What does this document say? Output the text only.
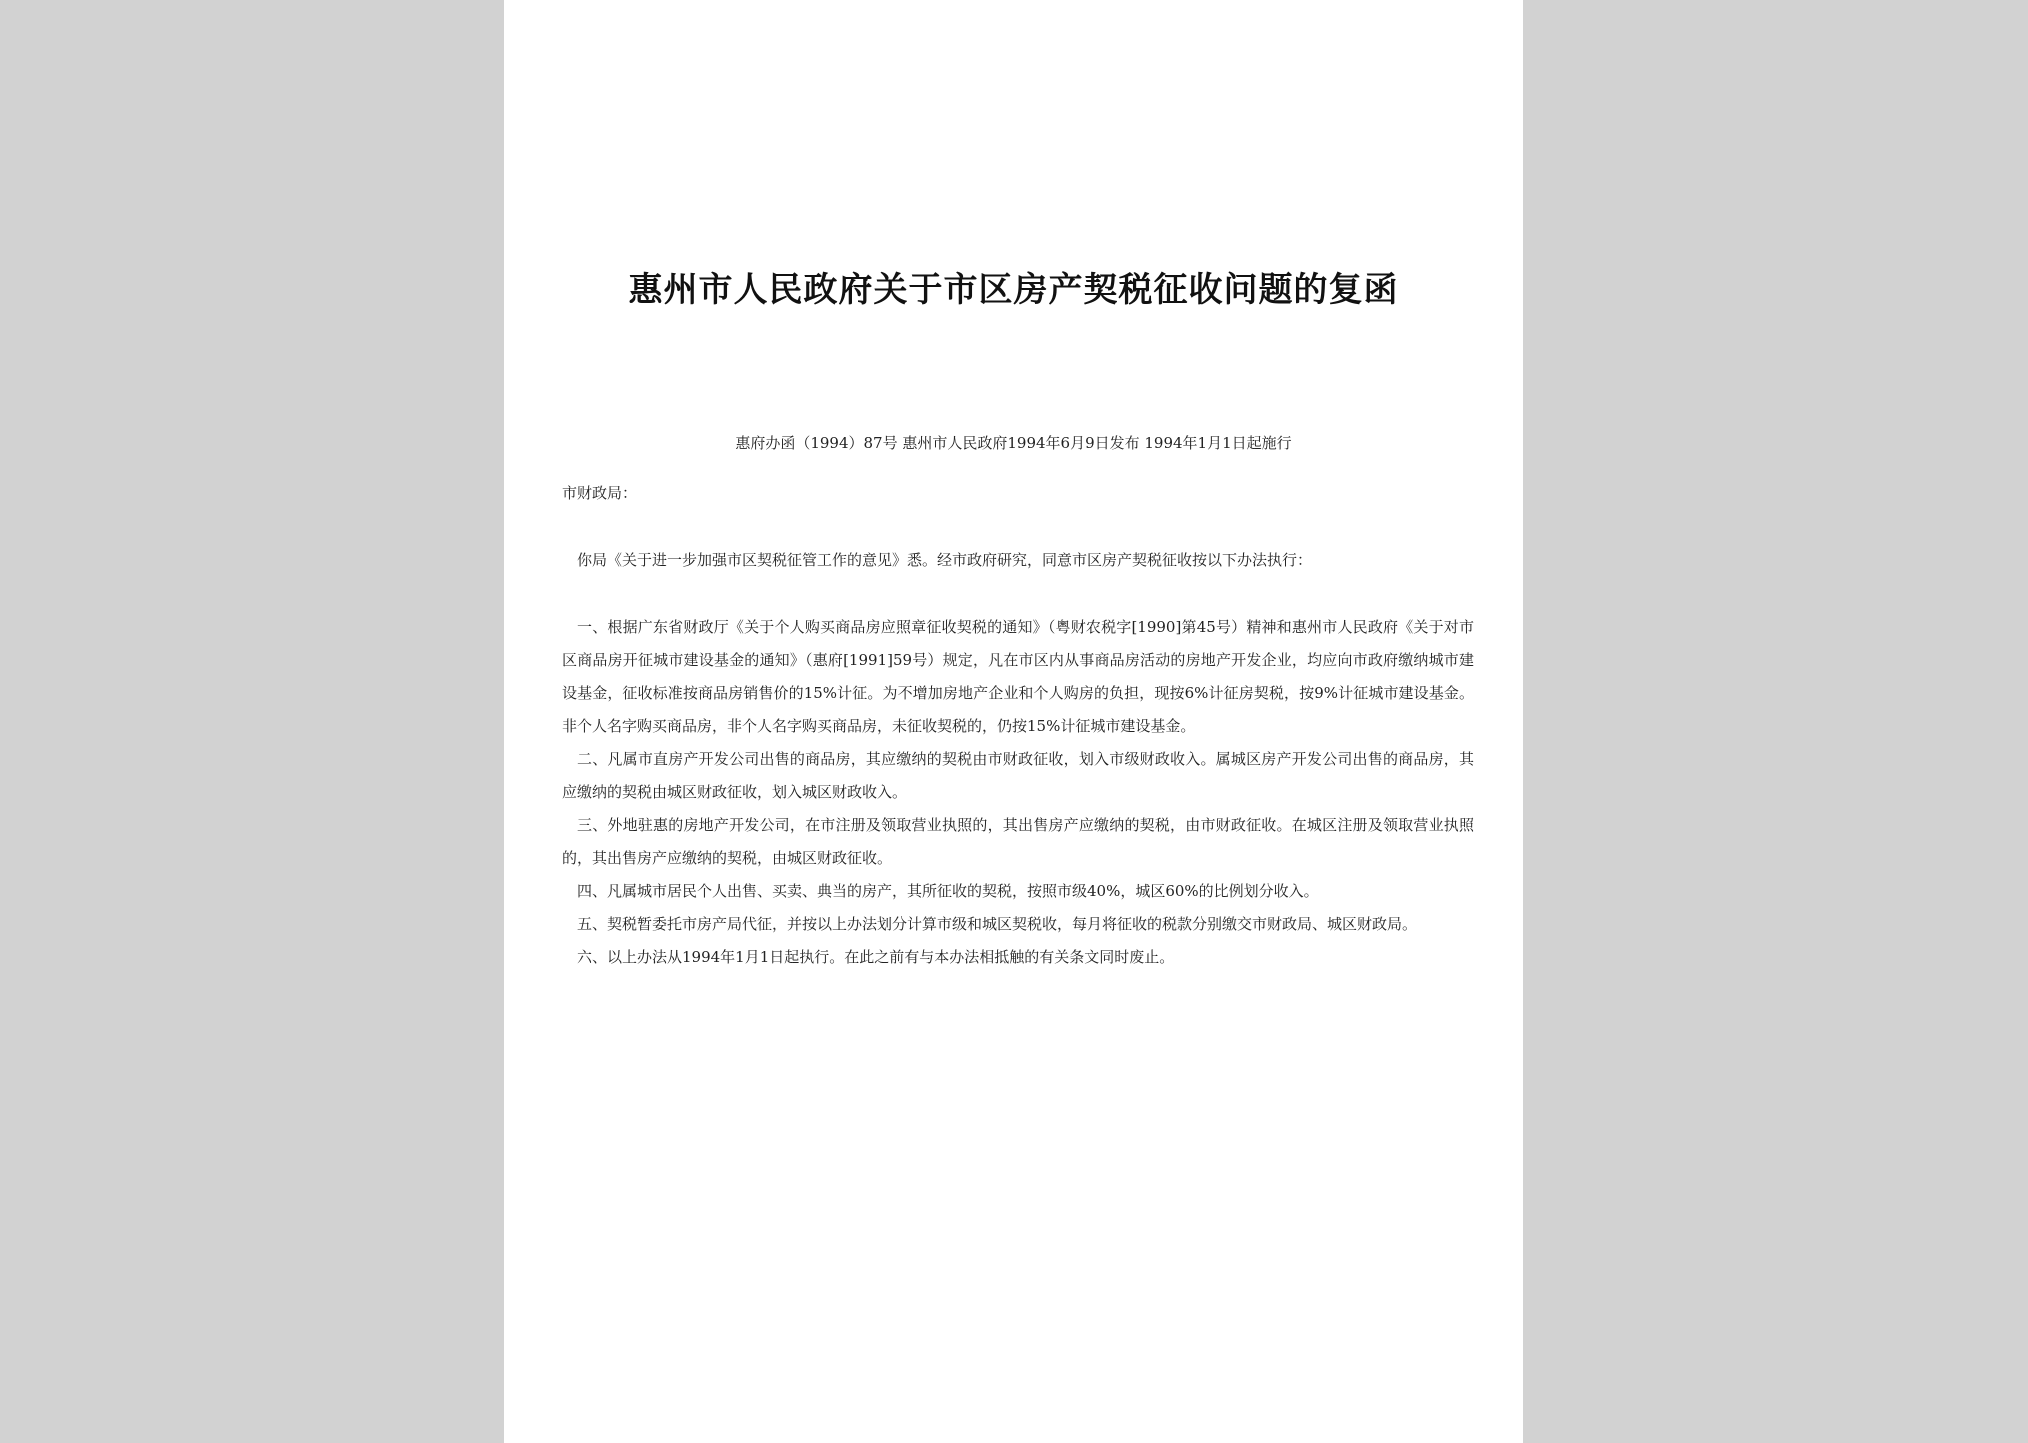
惠州市人民政府关于市区房产契税征收问题的复函

惠府办函（1994）87号 惠州市人民政府1994年6月9日发布 1994年1月1日起施行

市财政局：

你局《关于进一步加强市区契税征管工作的意见》悉。经市政府研究，同意市区房产契税征收按以下办法执行：

一、根据广东省财政厅《关于个人购买商品房应照章征收契税的通知》（粤财农税字[1990]第45号）精神和惠州市人民政府《关于对市区商品房开征城市建设基金的通知》（惠府[1991]59号）规定，凡在市区内从事商品房活动的房地产开发企业，均应向市政府缴纳城市建设基金，征收标准按商品房销售价的15%计征。为不增加房地产企业和个人购房的负担，现按6%计征房契税，按9%计征城市建设基金。非个人名字购买商品房，非个人名字购买商品房，未征收契税的，仍按15%计征城市建设基金。

二、凡属市直房产开发公司出售的商品房，其应缴纳的契税由市财政征收，划入市级财政收入。属城区房产开发公司出售的商品房，其应缴纳的契税由城区财政征收，划入城区财政收入。

三、外地驻惠的房地产开发公司，在市注册及领取营业执照的，其出售房产应缴纳的契税，由市财政征收。在城区注册及领取营业执照的，其出售房产应缴纳的契税，由城区财政征收。

四、凡属城市居民个人出售、买卖、典当的房产，其所征收的契税，按照市级40%，城区60%的比例划分收入。

五、契税暂委托市房产局代征，并按以上办法划分计算市级和城区契税收，每月将征收的税款分别缴交市财政局、城区财政局。

六、以上办法从1994年1月1日起执行。在此之前有与本办法相抵触的有关条文同时废止。
